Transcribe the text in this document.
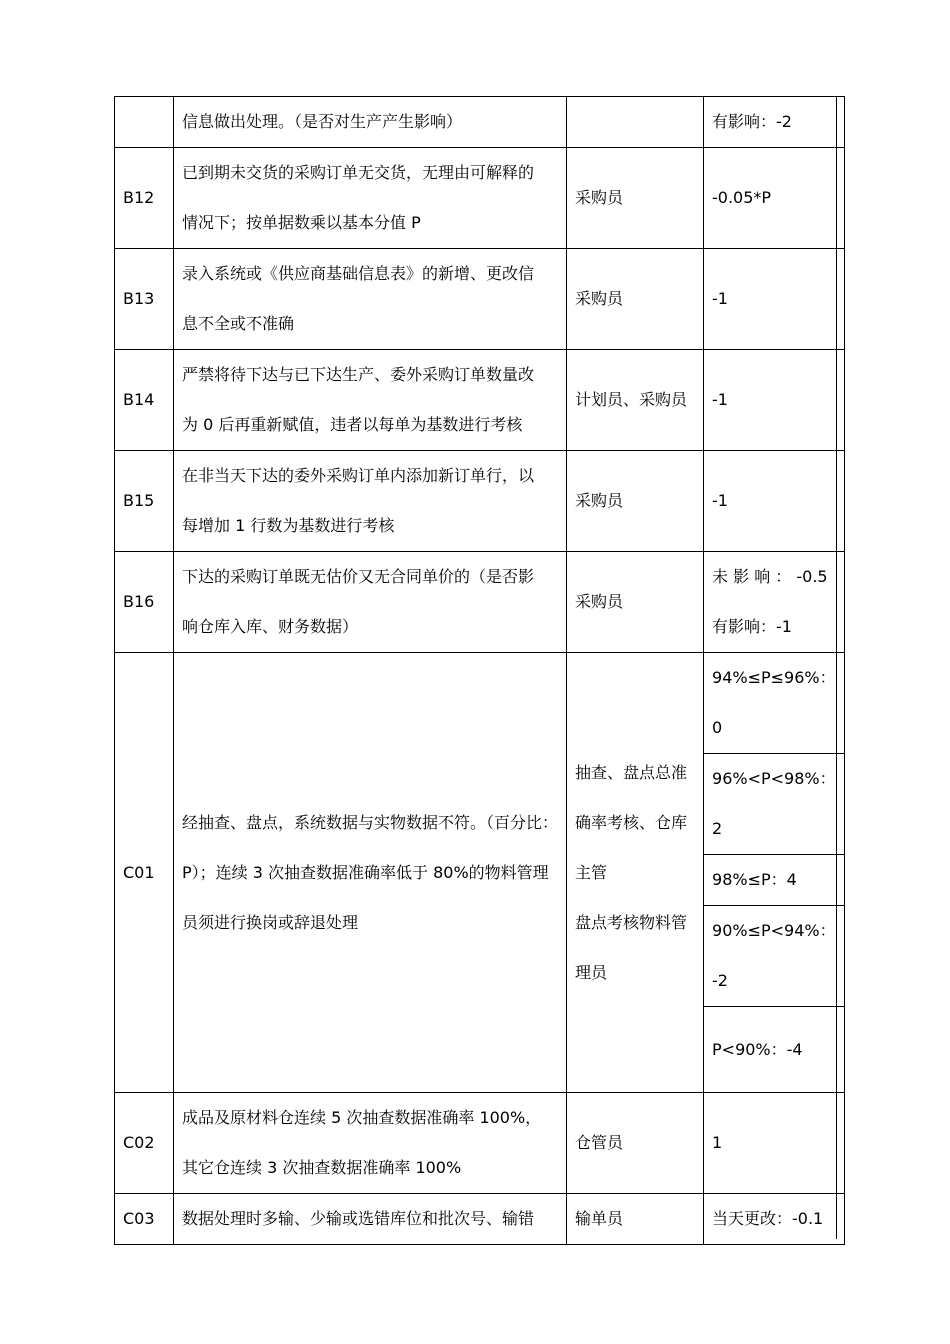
	信息做出处理。（是否对生产产生影响）		有影响：-2

B12	已到期未交货的采购订单无交货，无理由可解释的
情况下；按单据数乘以基本分值 P	采购员	-0.05*P

B13	录入系统或《供应商基础信息表》的新增、更改信
息不全或不准确	采购员	-1

B14	严禁将待下达与已下达生产、委外采购订单数量改
为 0 后再重新赋值，违者以每单为基数进行考核	计划员、采购员	-1

B15	在非当天下达的委外采购订单内添加新订单行，以
每增加 1 行数为基数进行考核	采购员	-1

B16	下达的采购订单既无估价又无合同单价的（是否影
响仓库入库、财务数据）	采购员	未 影 响 ： -0.5
有影响：-1

C01	经抽查、盘点，系统数据与实物数据不符。（百分比：
P）；连续 3 次抽查数据准确率低于 80%的物料管理
员须进行换岗或辞退处理	抽查、盘点总准
确率考核、仓库
主管
盘点考核物料管
理员	94%≤P≤96%：
0

			96%<P<98%：
2

			98%≤P：4

			90%≤P<94%：
-2

			P<90%：-4

C02	成品及原材料仓连续 5 次抽查数据准确率 100%，
其它仓连续 3 次抽查数据准确率 100%	仓管员	1

C03	数据处理时多输、少输或选错库位和批次号、输错	输单员	当天更改：-0.1
